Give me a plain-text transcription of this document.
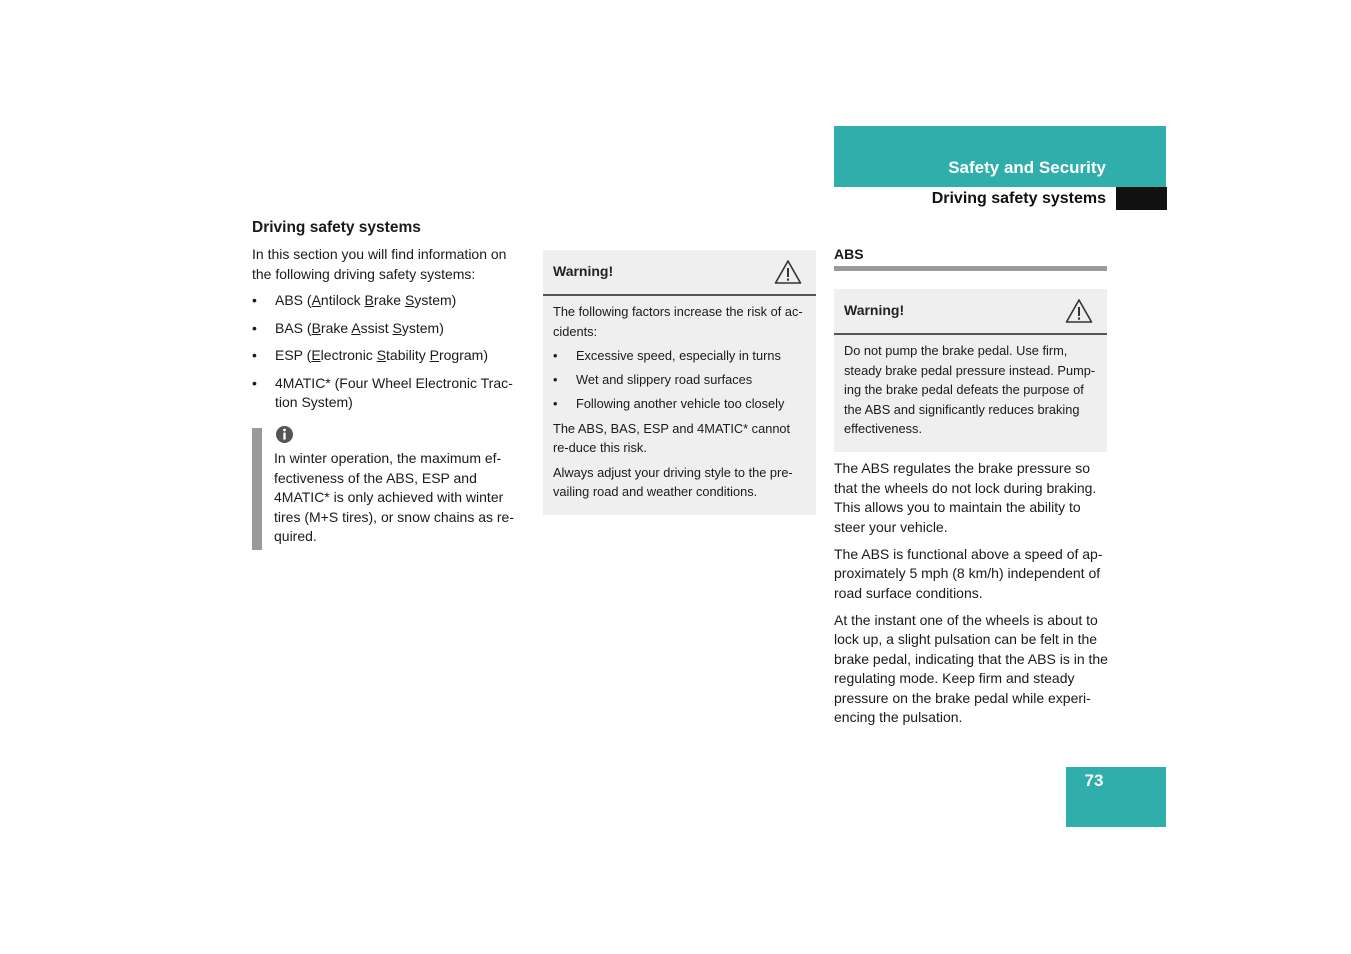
Safety and Security
Driving safety systems
Driving safety systems
In this section you will find information on the following driving safety systems:
• ABS (Antilock Brake System)
• BAS (Brake Assist System)
• ESP (Electronic Stability Program)
• 4MATIC* (Four Wheel Electronic Trac-tion System)
In winter operation, the maximum ef-fectiveness of the ABS, ESP and 4MATIC* is only achieved with winter tires (M+S tires), or snow chains as re-quired.
Warning!

The following factors increase the risk of ac-cidents:

• Excessive speed, especially in turns
• Wet and slippery road surfaces
• Following another vehicle too closely

The ABS, BAS, ESP and 4MATIC* cannot re-duce this risk.

Always adjust your driving style to the pre-vailing road and weather conditions.

ABS
Warning!

Do not pump the brake pedal. Use firm, steady brake pedal pressure instead. Pump-ing the brake pedal defeats the purpose of the ABS and significantly reduces braking effectiveness.

The ABS regulates the brake pressure so that the wheels do not lock during braking. This allows you to maintain the ability to steer your vehicle.

The ABS is functional above a speed of ap-proximately 5 mph (8 km/h) independent of road surface conditions.

At the instant one of the wheels is about to lock up, a slight pulsation can be felt in the brake pedal, indicating that the ABS is in the regulating mode. Keep firm and steady pressure on the brake pedal while experi-encing the pulsation.

73
